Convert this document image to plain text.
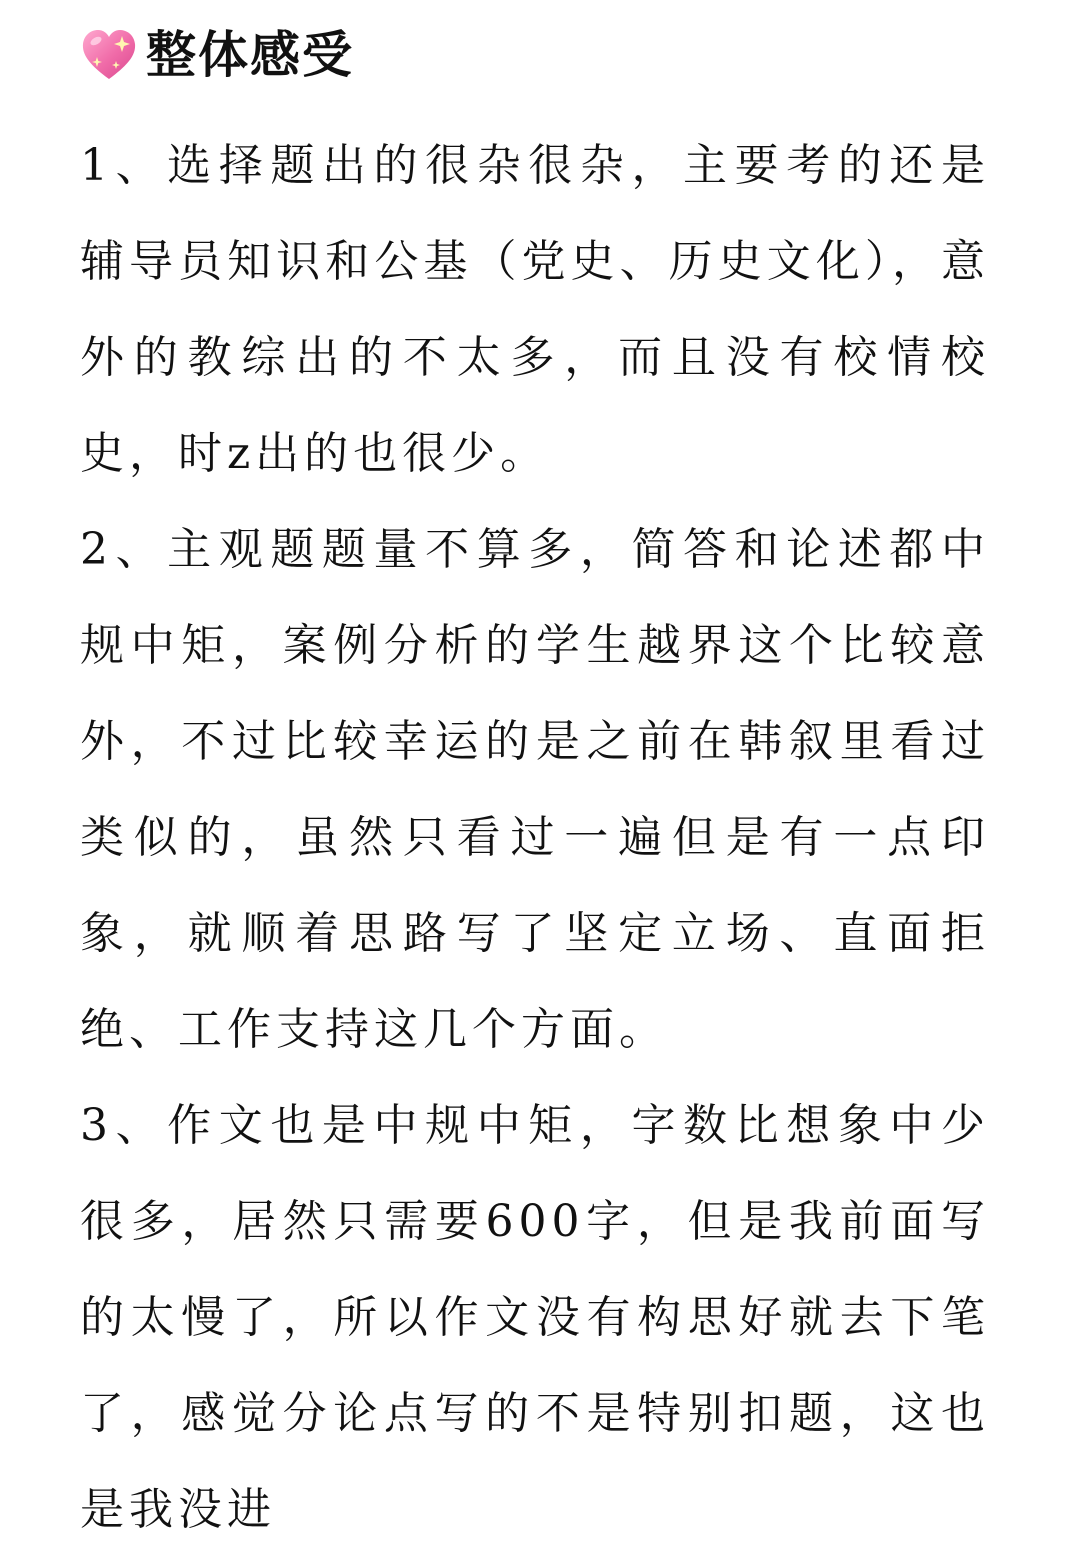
整体感受

1、选择题出的很杂很杂，主要考的还是辅导员知识和公基（党史、历史文化），意外的教综出的不太多，而且没有校情校史，时z出的也很少。

2、主观题题量不算多，简答和论述都中规中矩，案例分析的学生越界这个比较意外，不过比较幸运的是之前在韩叙里看过类似的，虽然只看过一遍但是有一点印象，就顺着思路写了坚定立场、直面拒绝、工作支持这几个方面。

3、作文也是中规中矩，字数比想象中少很多，居然只需要600字，但是我前面写的太慢了，所以作文没有构思好就去下笔了，感觉分论点写的不是特别扣题，这也是我没进
